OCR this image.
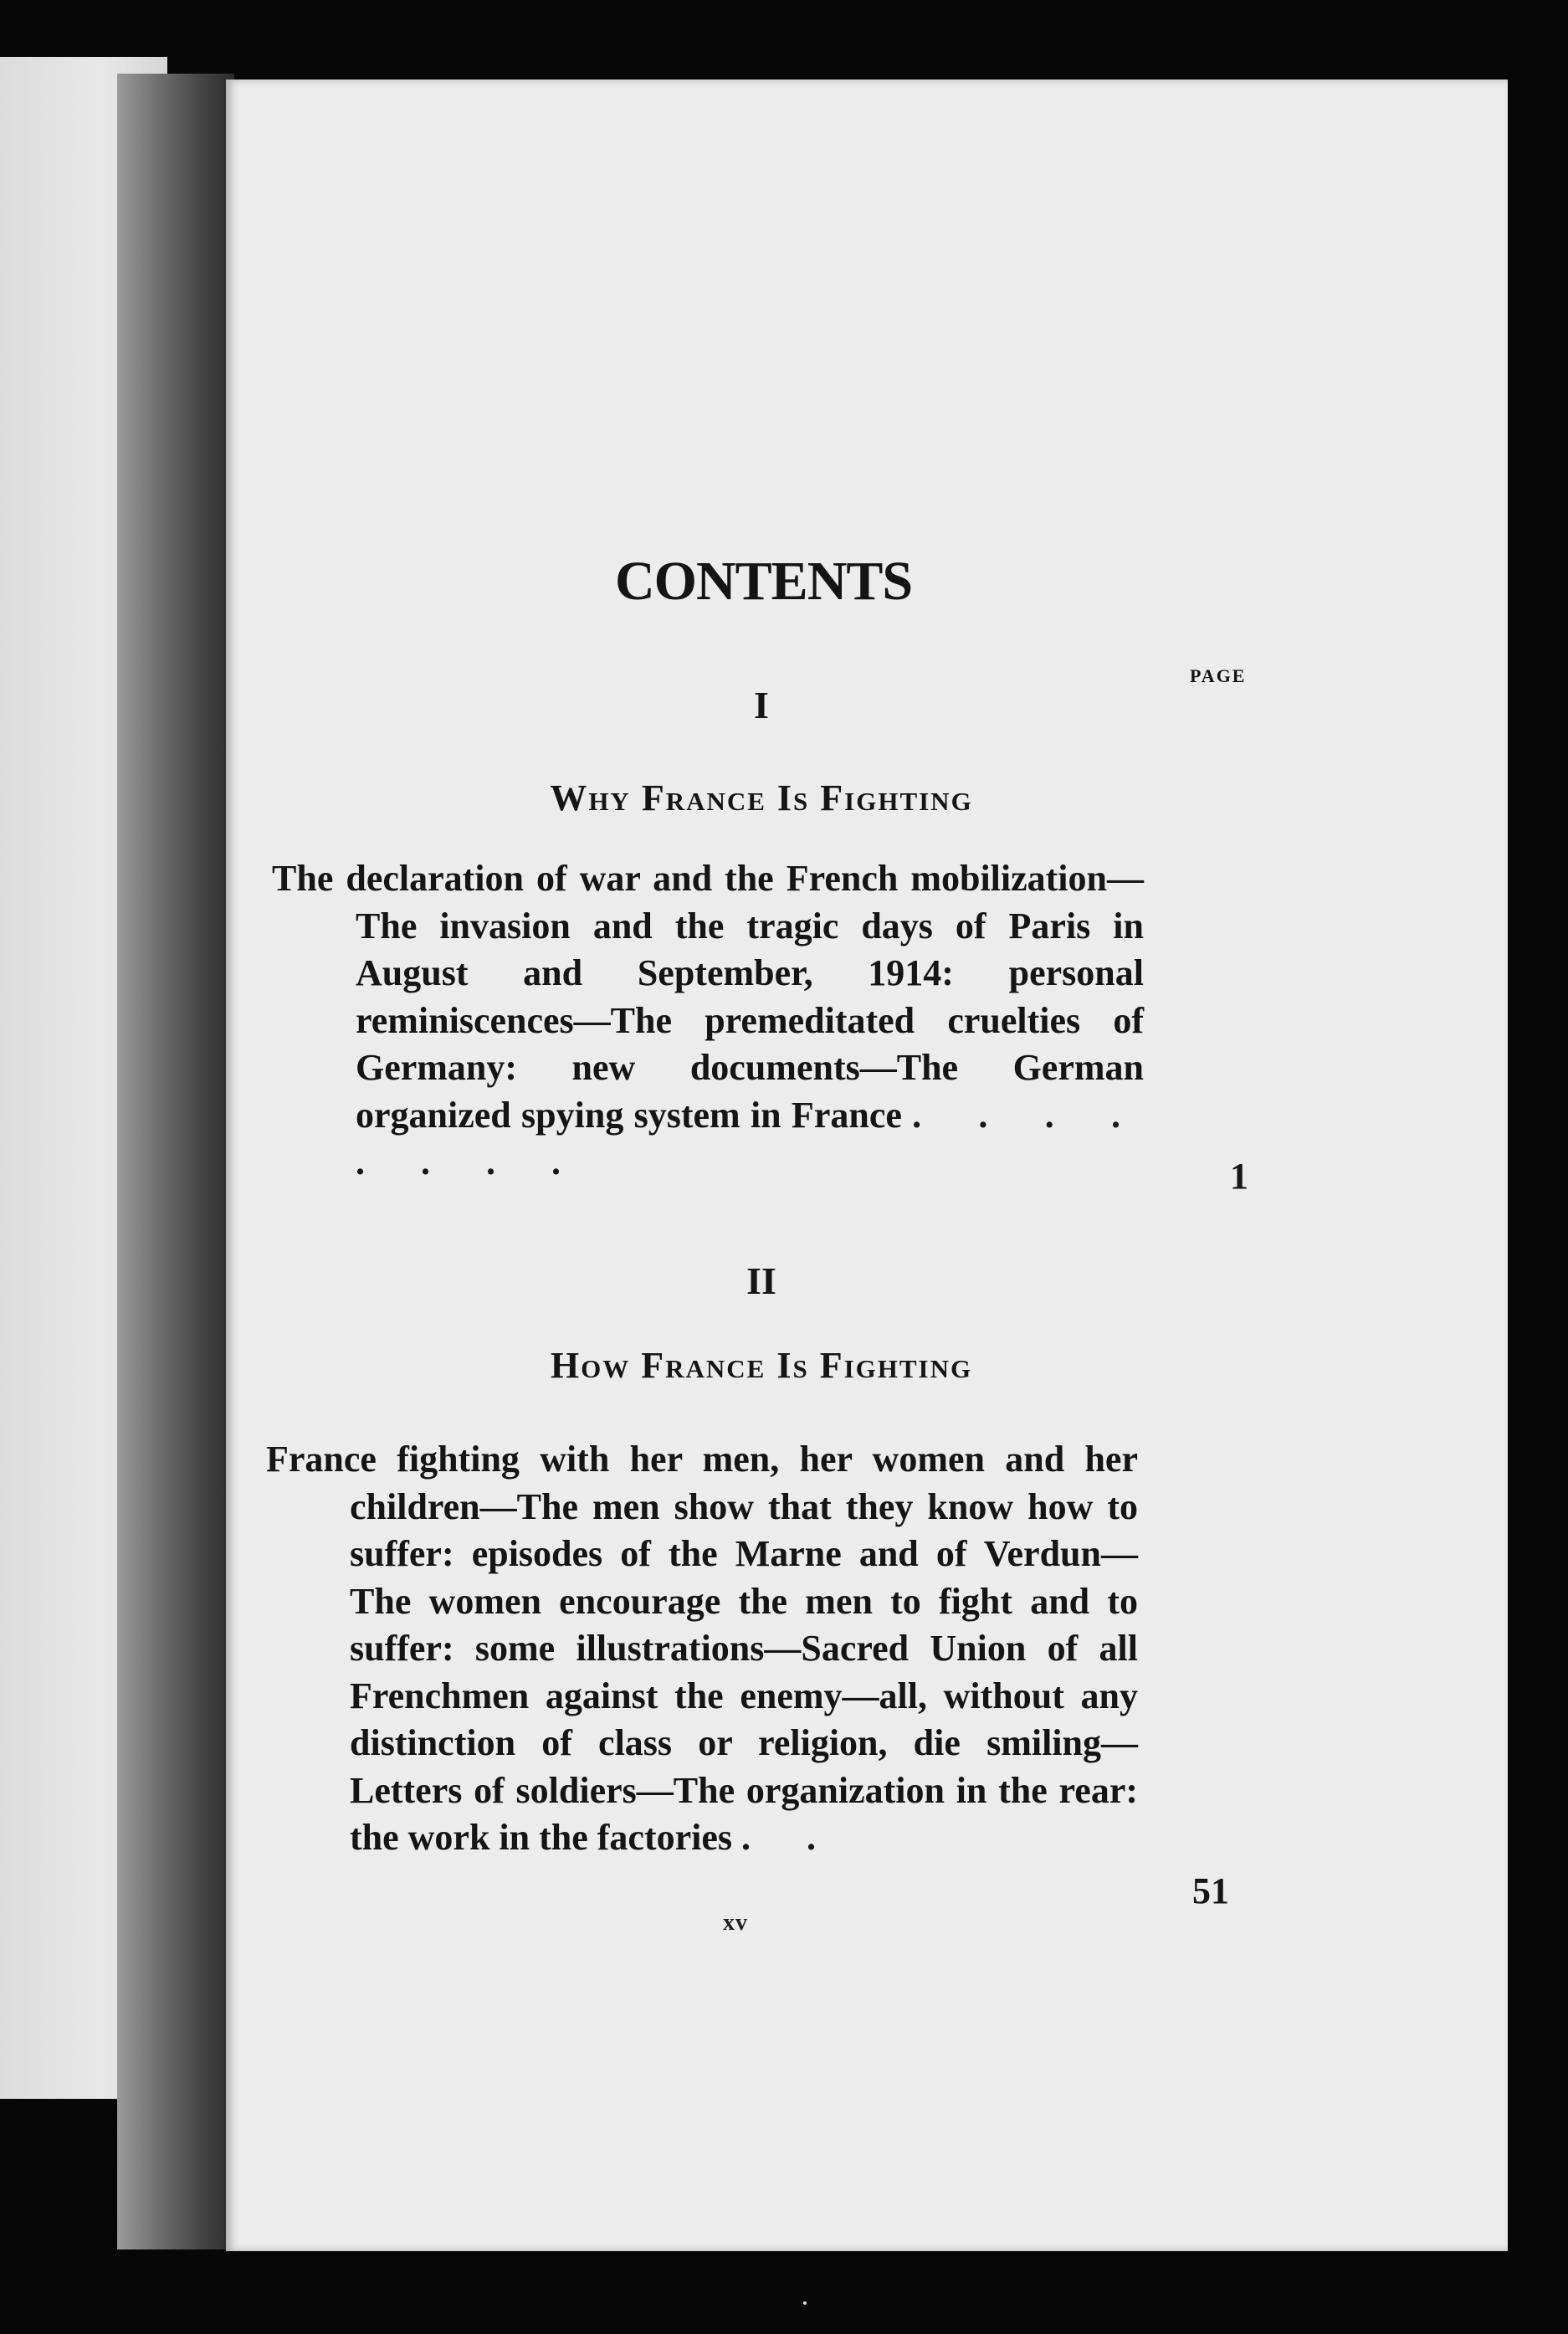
CONTENTS
PAGE
I
Why France Is Fighting

The declaration of war and the French mobilization—The invasion and the tragic days of Paris in August and September, 1914: personal reminiscences—The premeditated cruelties of Germany: new documents—The German organized spying system in France . . . . . . . .	1
II
How France Is Fighting

France fighting with her men, her women and her children—The men show that they know how to suffer: episodes of the Marne and of Verdun—The women encourage the men to fight and to suffer: some illustrations—Sacred Union of all Frenchmen against the enemy—all, without any distinction of class or religion, die smiling—Letters of soldiers—The organization in the rear: the work in the factories . .

51
xv
